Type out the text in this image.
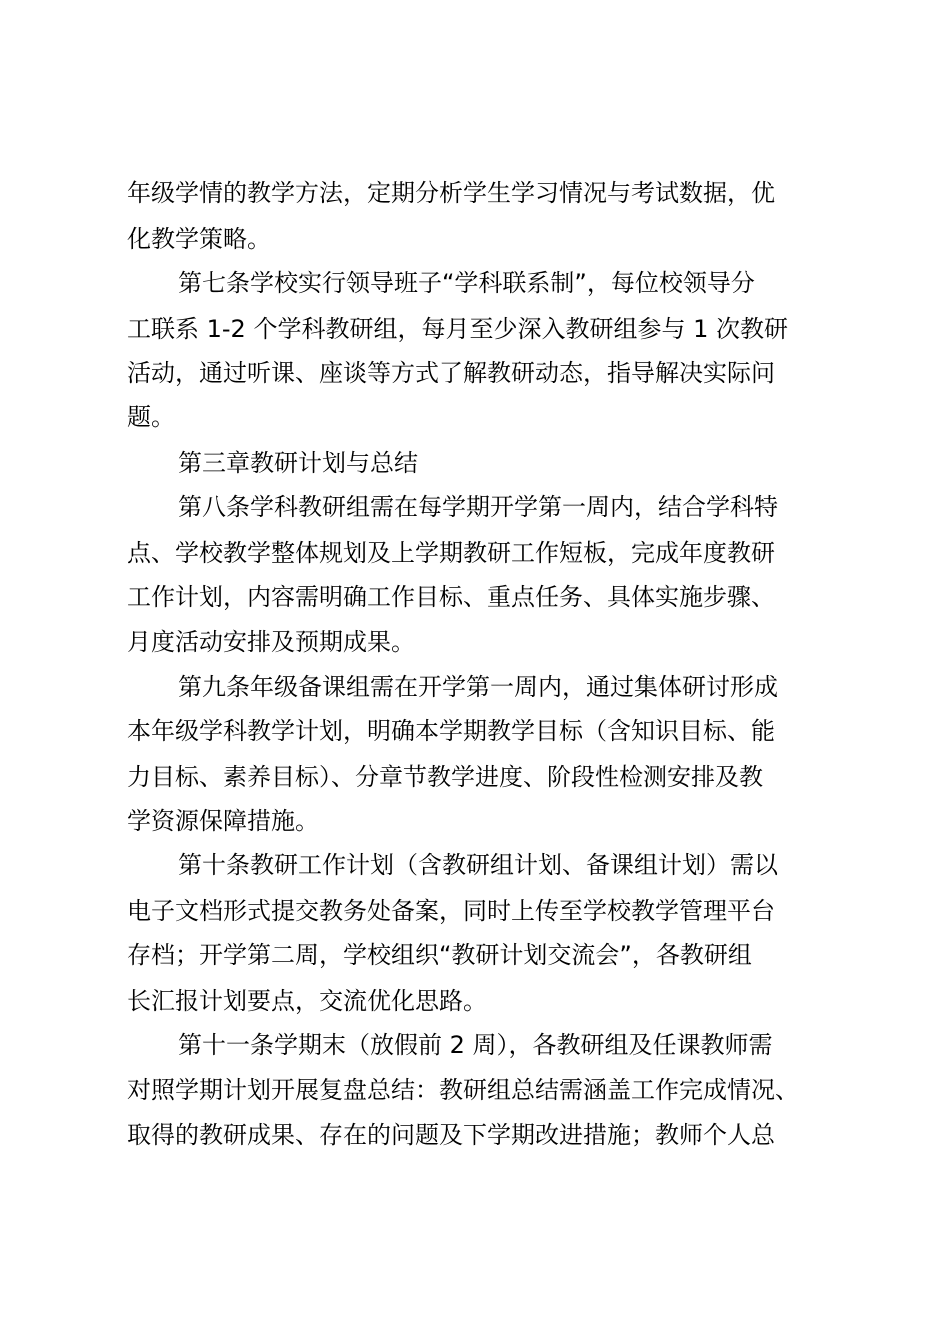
年级学情的教学方法，定期分析学生学习情况与考试数据，优
化教学策略。
第七条学校实行领导班子“学科联系制”，每位校领导分
工联系 1-2 个学科教研组，每月至少深入教研组参与 1 次教研
活动，通过听课、座谈等方式了解教研动态，指导解决实际问
题。
第三章教研计划与总结
第八条学科教研组需在每学期开学第一周内，结合学科特
点、学校教学整体规划及上学期教研工作短板，完成年度教研
工作计划，内容需明确工作目标、重点任务、具体实施步骤、
月度活动安排及预期成果。
第九条年级备课组需在开学第一周内，通过集体研讨形成
本年级学科教学计划，明确本学期教学目标（含知识目标、能
力目标、素养目标）、分章节教学进度、阶段性检测安排及教
学资源保障措施。
第十条教研工作计划（含教研组计划、备课组计划）需以
电子文档形式提交教务处备案，同时上传至学校教学管理平台
存档；开学第二周，学校组织“教研计划交流会”，各教研组
长汇报计划要点，交流优化思路。
第十一条学期末（放假前 2 周），各教研组及任课教师需
对照学期计划开展复盘总结：教研组总结需涵盖工作完成情况、
取得的教研成果、存在的问题及下学期改进措施；教师个人总
